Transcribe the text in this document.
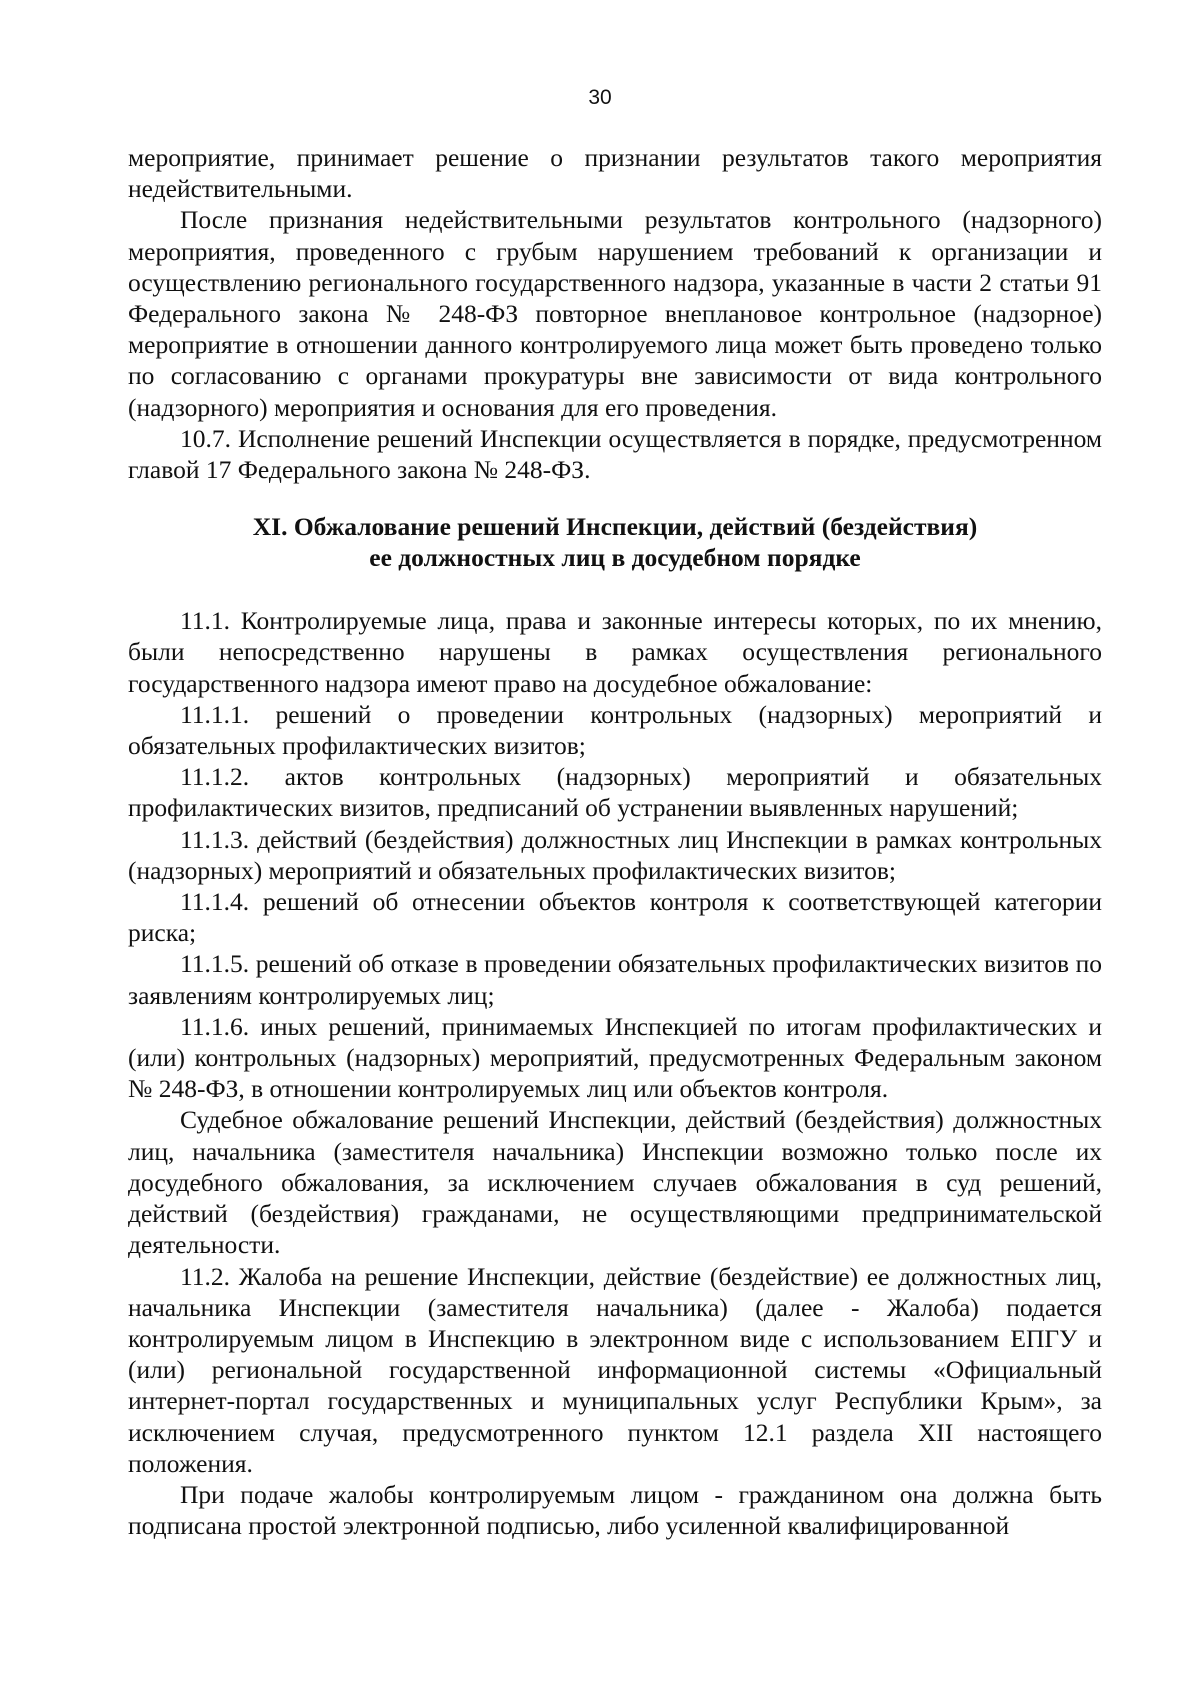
30

мероприятие, принимает решение о признании результатов такого мероприятия недействительными.

После признания недействительными результатов контрольного (надзорного) мероприятия, проведенного с грубым нарушением требований к организации и осуществлению регионального государственного надзора, указанные в части 2 статьи 91 Федерального закона № 248-ФЗ повторное внеплановое контрольное (надзорное) мероприятие в отношении данного контролируемого лица может быть проведено только по согласованию с органами прокуратуры вне зависимости от вида контрольного (надзорного) мероприятия и основания для его проведения.

10.7. Исполнение решений Инспекции осуществляется в порядке, предусмотренном главой 17 Федерального закона № 248-ФЗ.

XI. Обжалование решений Инспекции, действий (бездействия)
ее должностных лиц в досудебном порядке

11.1. Контролируемые лица, права и законные интересы которых, по их мнению, были непосредственно нарушены в рамках осуществления регионального государственного надзора имеют право на досудебное обжалование:

11.1.1. решений о проведении контрольных (надзорных) мероприятий и обязательных профилактических визитов;

11.1.2. актов контрольных (надзорных) мероприятий и обязательных профилактических визитов, предписаний об устранении выявленных нарушений;

11.1.3. действий (бездействия) должностных лиц Инспекции в рамках контрольных (надзорных) мероприятий и обязательных профилактических визитов;

11.1.4. решений об отнесении объектов контроля к соответствующей категории риска;

11.1.5. решений об отказе в проведении обязательных профилактических визитов по заявлениям контролируемых лиц;

11.1.6. иных решений, принимаемых Инспекцией по итогам профилактических и (или) контрольных (надзорных) мероприятий, предусмотренных Федеральным законом № 248-ФЗ, в отношении контролируемых лиц или объектов контроля.

Судебное обжалование решений Инспекции, действий (бездействия) должностных лиц, начальника (заместителя начальника) Инспекции возможно только после их досудебного обжалования, за исключением случаев обжалования в суд решений, действий (бездействия) гражданами, не осуществляющими предпринимательской деятельности.

11.2. Жалоба на решение Инспекции, действие (бездействие) ее должностных лиц, начальника Инспекции (заместителя начальника) (далее - Жалоба) подается контролируемым лицом в Инспекцию в электронном виде с использованием ЕПГУ и (или) региональной государственной информационной системы «Официальный интернет-портал государственных и муниципальных услуг Республики Крым», за исключением случая, предусмотренного пунктом 12.1 раздела XII настоящего положения.

При подаче жалобы контролируемым лицом - гражданином она должна быть подписана простой электронной подписью, либо усиленной квалифицированной
